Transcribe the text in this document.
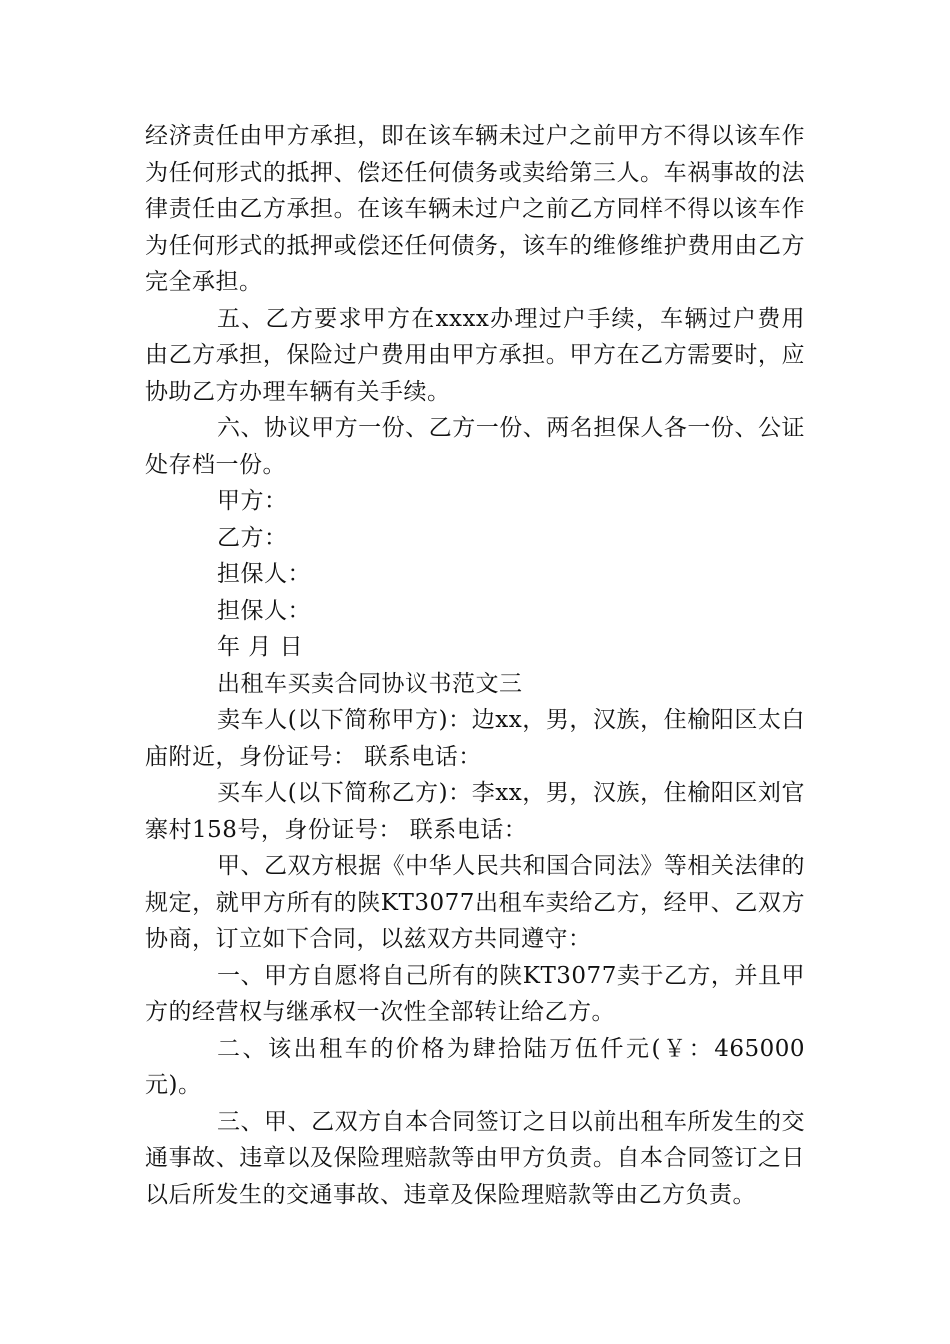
经济责任由甲方承担，即在该车辆未过户之前甲方不得以该车作为任何形式的抵押、偿还任何债务或卖给第三人。车祸事故的法律责任由乙方承担。在该车辆未过户之前乙方同样不得以该车作为任何形式的抵押或偿还任何债务，该车的维修维护费用由乙方完全承担。

五、乙方要求甲方在xxxx办理过户手续，车辆过户费用由乙方承担，保险过户费用由甲方承担。甲方在乙方需要时，应协助乙方办理车辆有关手续。

六、协议甲方一份、乙方一份、两名担保人各一份、公证处存档一份。

甲方：

乙方：

担保人：

担保人：

年 月 日

出租车买卖合同协议书范文三

卖车人(以下简称甲方)：边xx，男，汉族，住榆阳区太白庙附近，身份证号： 联系电话：

买车人(以下简称乙方)：李xx，男，汉族，住榆阳区刘官寨村158号，身份证号： 联系电话：

甲、乙双方根据《中华人民共和国合同法》等相关法律的规定，就甲方所有的陕KT3077出租车卖给乙方，经甲、乙双方协商，订立如下合同，以兹双方共同遵守：

一、甲方自愿将自己所有的陕KT3077卖于乙方，并且甲方的经营权与继承权一次性全部转让给乙方。

二、该出租车的价格为肆拾陆万伍仟元(￥：465000元)。

三、甲、乙双方自本合同签订之日以前出租车所发生的交通事故、违章以及保险理赔款等由甲方负责。自本合同签订之日以后所发生的交通事故、违章及保险理赔款等由乙方负责。
